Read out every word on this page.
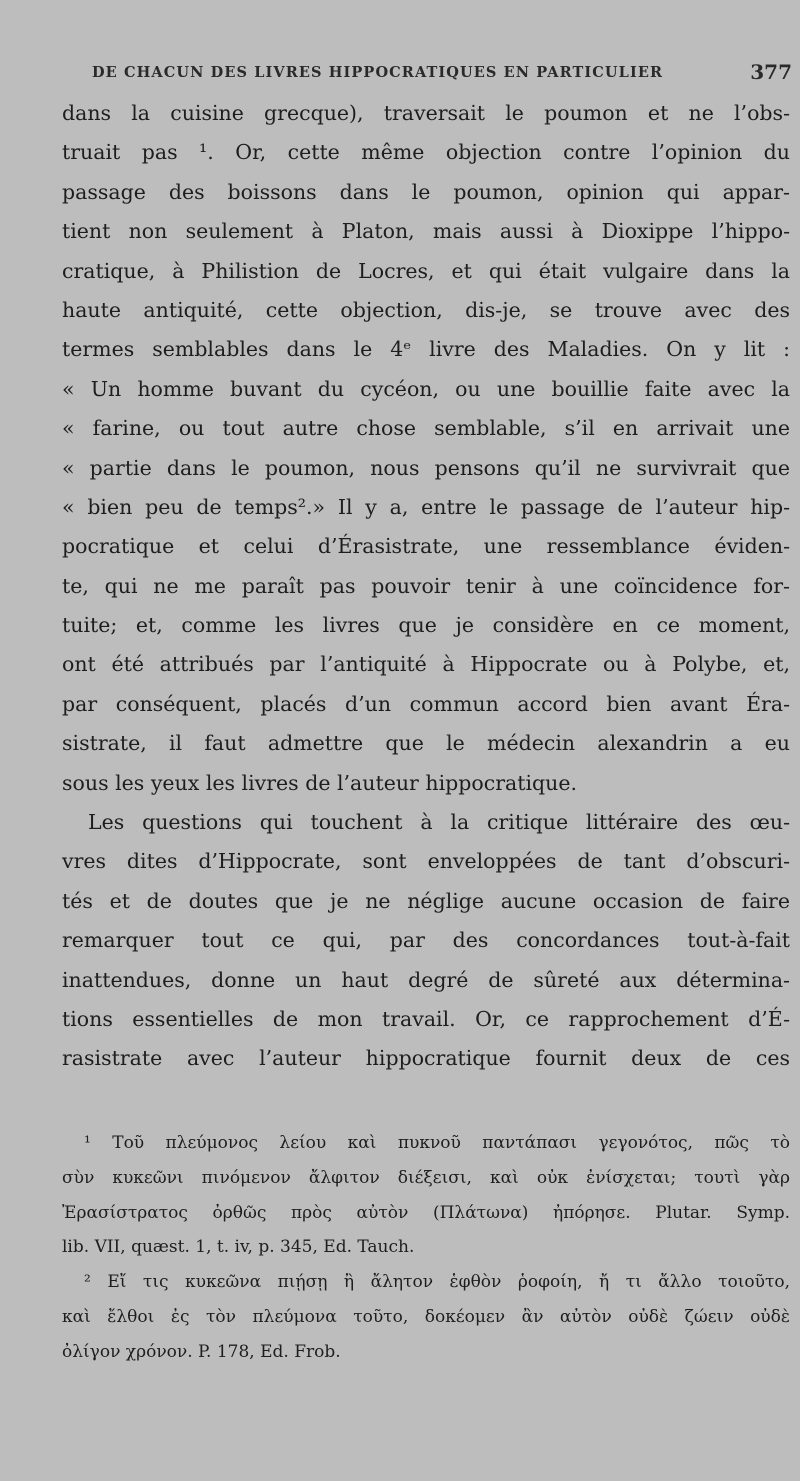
DE CHACUN DES LIVRES HIPPOCRATIQUES EN PARTICULIER	377
dans la cuisine grecque), traversait le poumon et ne l’obs-
truait pas ¹. Or, cette même objection contre l’opinion du
passage des boissons dans le poumon, opinion qui appar-
tient non seulement à Platon, mais aussi à Dioxippe l’hippo-
cratique, à Philistion de Locres, et qui était vulgaire dans la
haute antiquité, cette objection, dis-je, se trouve avec des
termes semblables dans le 4ᵉ livre des Maladies. On y lit :
« Un homme buvant du cycéon, ou une bouillie faite avec la
« farine, ou tout autre chose semblable, s’il en arrivait une
« partie dans le poumon, nous pensons qu’il ne survivrait que
« bien peu de temps².» Il y a, entre le passage de l’auteur hip-
pocratique et celui d’Érasistrate, une ressemblance éviden-
te, qui ne me paraît pas pouvoir tenir à une coïncidence for-
tuite; et, comme les livres que je considère en ce moment,
ont été attribués par l’antiquité à Hippocrate ou à Polybe, et,
par conséquent, placés d’un commun accord bien avant Éra-
sistrate, il faut admettre que le médecin alexandrin a eu
sous les yeux les livres de l’auteur hippocratique.
Les questions qui touchent à la critique littéraire des œu-
vres dites d’Hippocrate, sont enveloppées de tant d’obscuri-
tés et de doutes que je ne néglige aucune occasion de faire
remarquer tout ce qui, par des concordances tout-à-fait
inattendues, donne un haut degré de sûreté aux détermina-
tions essentielles de mon travail. Or, ce rapprochement d’É-
rasistrate avec l’auteur hippocratique fournit deux de ces
¹ Τοῦ πλεύμονος λείου καὶ πυκνοῦ παντάπασι γεγονότος, πῶς τὸ
σὺν κυκεῶνι πινόμενον ἄλφιτον διέξεισι, καὶ οὐκ ἐνίσχεται; τουτὶ γὰρ
Ἐρασίστρατος ὀρθῶς πρὸς αὐτὸν (Πλάτωνα) ἠπόρησε. Plutar. Symp.
lib. VII, quæst. 1, t. iv, p. 345, Ed. Tauch.
² Εἴ τις κυκεῶνα πιῄσῃ ἢ ἄλητον ἑφθὸν ῥοφοίη, ἤ τι ἄλλο τοιοῦτο,
καὶ ἔλθοι ἐς τὸν πλεύμονα τοῦτο, δοκέομεν ἂν αὐτὸν οὐδὲ ζώειν οὐδὲ
ὀλίγον χρόνον. P. 178, Ed. Frob.
